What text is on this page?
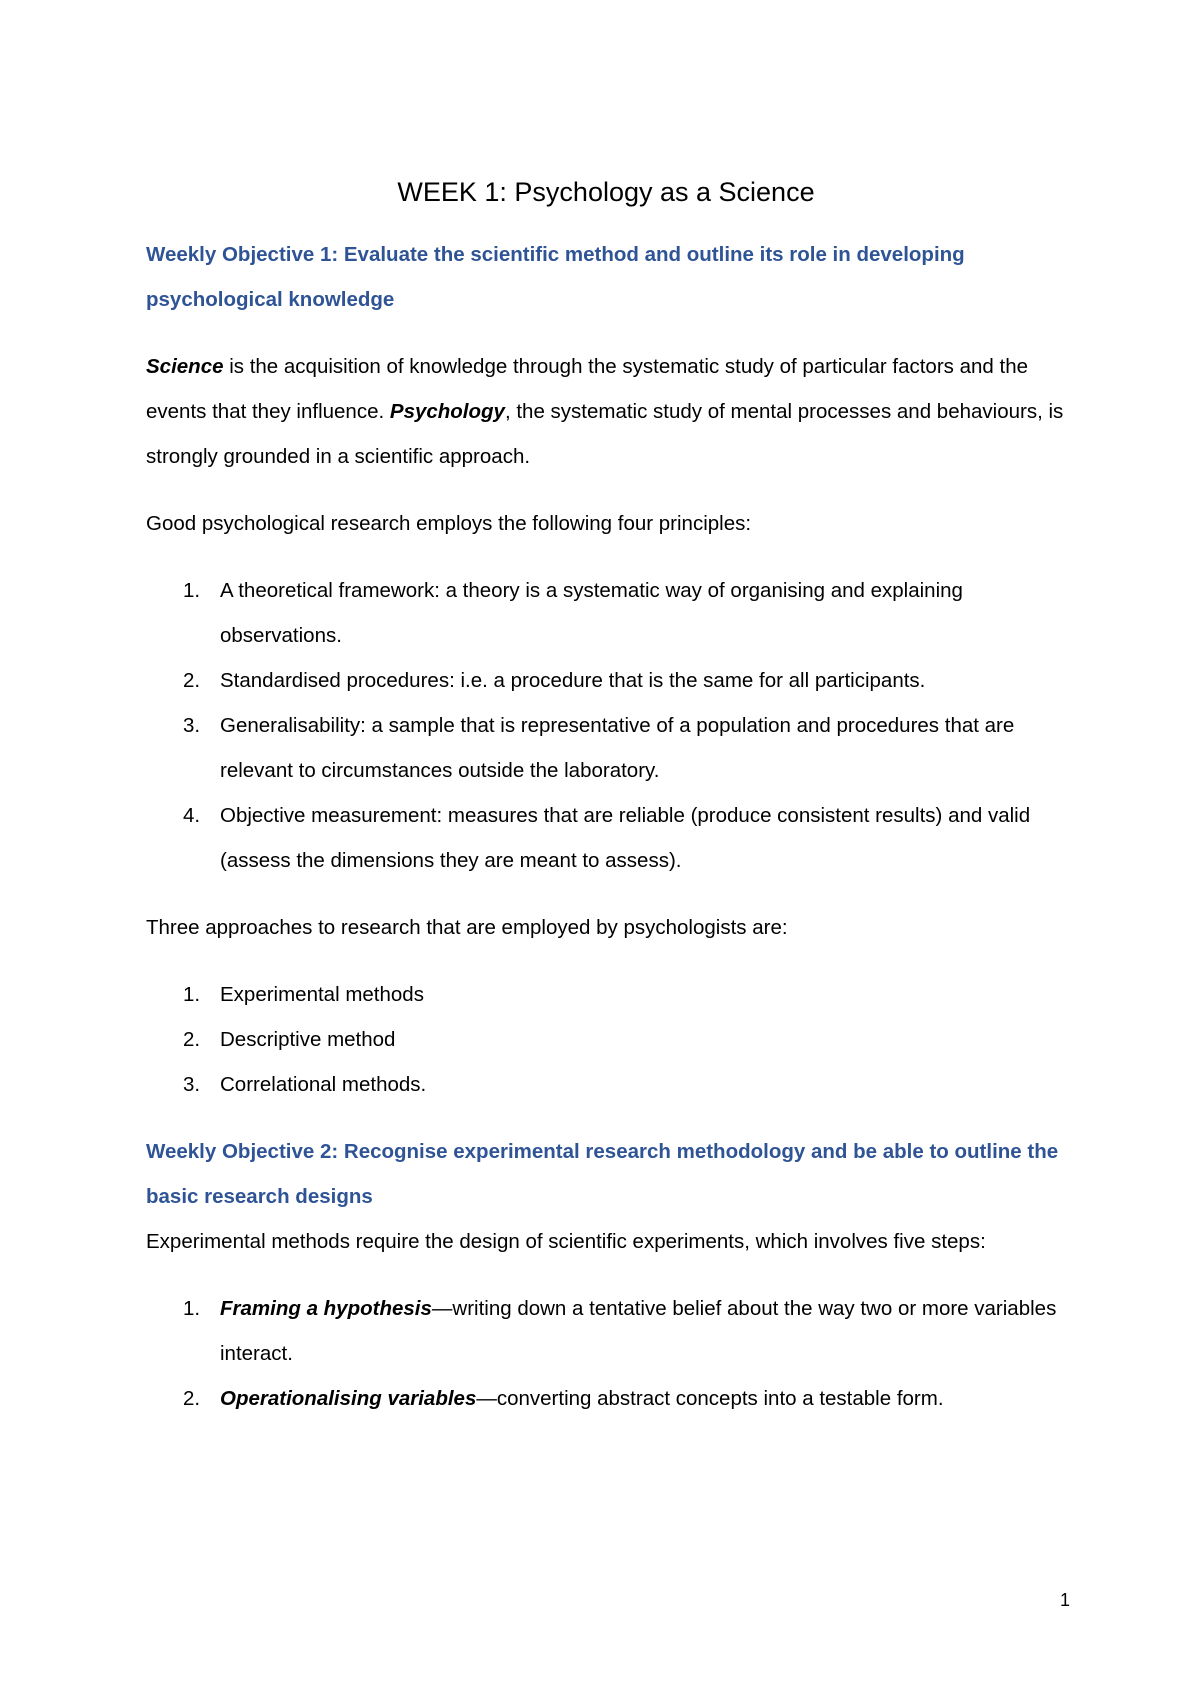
WEEK 1: Psychology as a Science

Weekly Objective 1: Evaluate the scientific method and outline its role in developing psychological knowledge

Science is the acquisition of knowledge through the systematic study of particular factors and the events that they influence. Psychology, the systematic study of mental processes and behaviours, is strongly grounded in a scientific approach.

Good psychological research employs the following four principles:

1. A theoretical framework: a theory is a systematic way of organising and explaining observations.
2. Standardised procedures: i.e. a procedure that is the same for all participants.
3. Generalisability: a sample that is representative of a population and procedures that are relevant to circumstances outside the laboratory.
4. Objective measurement: measures that are reliable (produce consistent results) and valid (assess the dimensions they are meant to assess).

Three approaches to research that are employed by psychologists are:

1. Experimental methods
2. Descriptive method
3. Correlational methods.

Weekly Objective 2: Recognise experimental research methodology and be able to outline the basic research designs

Experimental methods require the design of scientific experiments, which involves five steps:

1. Framing a hypothesis—writing down a tentative belief about the way two or more variables interact.
2. Operationalising variables—converting abstract concepts into a testable form.
1
